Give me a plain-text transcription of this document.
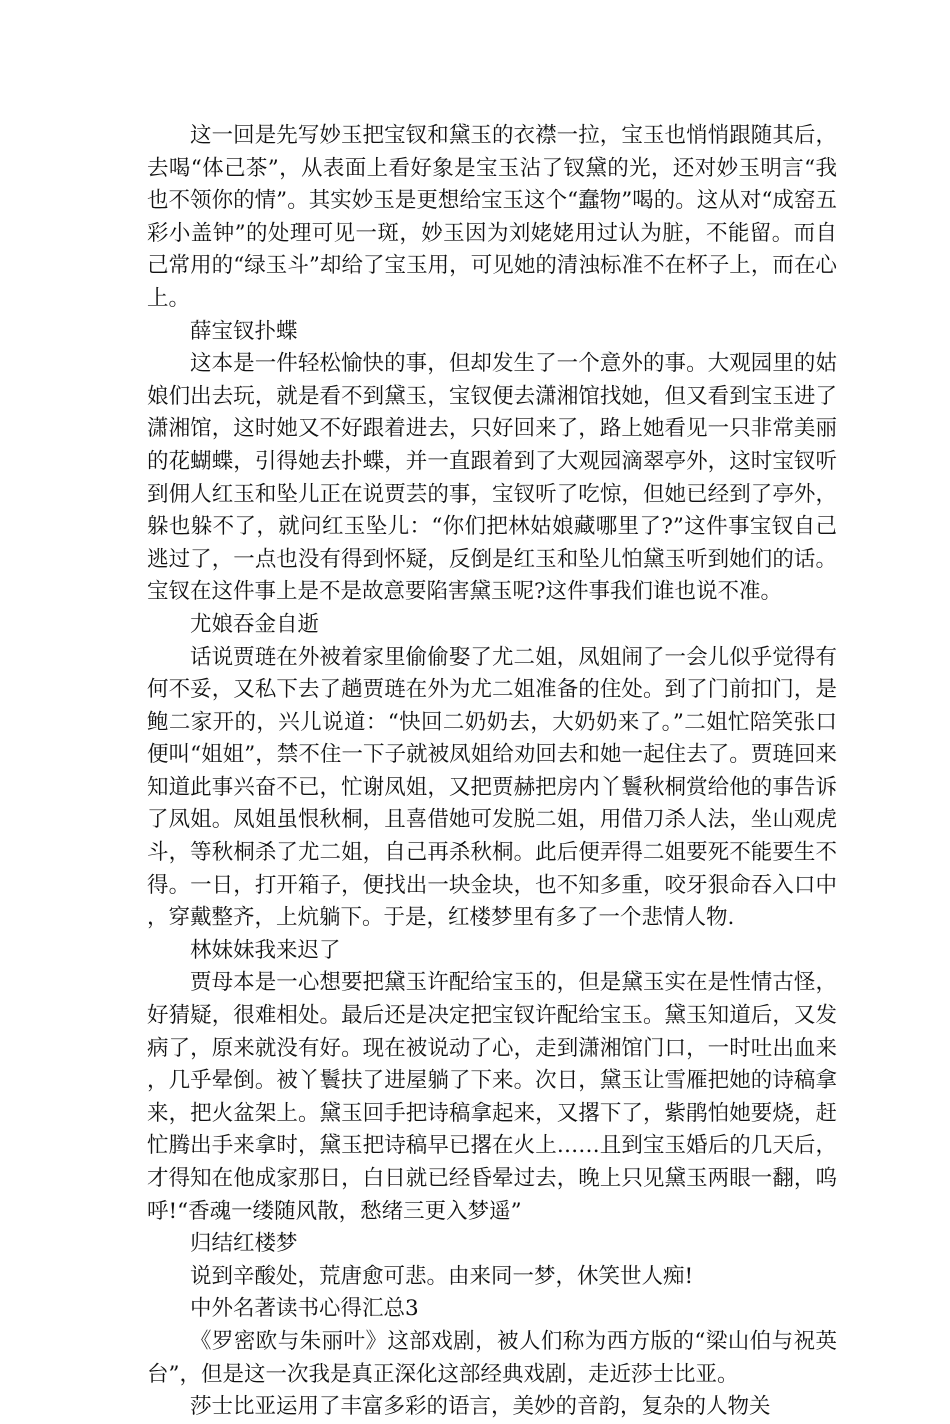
这一回是先写妙玉把宝钗和黛玉的衣襟一拉，宝玉也悄悄跟随其后，去喝“体己茶”，从表面上看好象是宝玉沾了钗黛的光，还对妙玉明言“我也不领你的情”。其实妙玉是更想给宝玉这个“蠢物”喝的。这从对“成窑五彩小盖钟”的处理可见一斑，妙玉因为刘姥姥用过认为脏，不能留。而自己常用的“绿玉斗”却给了宝玉用，可见她的清浊标准不在杯子上，而在心上。

薛宝钗扑蝶

这本是一件轻松愉快的事，但却发生了一个意外的事。大观园里的姑娘们出去玩，就是看不到黛玉，宝钗便去潇湘馆找她，但又看到宝玉进了潇湘馆，这时她又不好跟着进去，只好回来了，路上她看见一只非常美丽的花蝴蝶，引得她去扑蝶，并一直跟着到了大观园滴翠亭外，这时宝钗听到佣人红玉和坠儿正在说贾芸的事，宝钗听了吃惊，但她已经到了亭外，躲也躲不了，就问红玉坠儿：“你们把林姑娘藏哪里了?”这件事宝钗自己逃过了，一点也没有得到怀疑，反倒是红玉和坠儿怕黛玉听到她们的话。宝钗在这件事上是不是故意要陷害黛玉呢?这件事我们谁也说不准。

尤娘吞金自逝

话说贾琏在外被着家里偷偷娶了尤二姐，凤姐闹了一会儿似乎觉得有何不妥，又私下去了趟贾琏在外为尤二姐准备的住处。到了门前扣门，是鲍二家开的，兴儿说道：“快回二奶奶去，大奶奶来了。”二姐忙陪笑张口便叫“姐姐”，禁不住一下子就被凤姐给劝回去和她一起住去了。贾琏回来知道此事兴奋不已，忙谢凤姐，又把贾赫把房内丫鬟秋桐赏给他的事告诉了凤姐。凤姐虽恨秋桐，且喜借她可发脱二姐，用借刀杀人法，坐山观虎斗，等秋桐杀了尤二姐，自己再杀秋桐。此后便弄得二姐要死不能要生不得。一日，打开箱子，便找出一块金块，也不知多重，咬牙狠命吞入口中，穿戴整齐，上炕躺下。于是，红楼梦里有多了一个悲情人物.

林妹妹我来迟了

贾母本是一心想要把黛玉许配给宝玉的，但是黛玉实在是性情古怪，好猜疑，很难相处。最后还是决定把宝钗许配给宝玉。黛玉知道后，又发病了，原来就没有好。现在被说动了心，走到潇湘馆门口，一时吐出血来，几乎晕倒。被丫鬟扶了进屋躺了下来。次日，黛玉让雪雁把她的诗稿拿来，把火盆架上。黛玉回手把诗稿拿起来，又撂下了，紫鹃怕她要烧，赶忙腾出手来拿时，黛玉把诗稿早已撂在火上……且到宝玉婚后的几天后，才得知在他成家那日，白日就已经昏晕过去，晚上只见黛玉两眼一翻，呜呼!“香魂一缕随风散，愁绪三更入梦遥”

归结红楼梦

说到辛酸处，荒唐愈可悲。由来同一梦，休笑世人痴!

中外名著读书心得汇总3

《罗密欧与朱丽叶》这部戏剧，被人们称为西方版的“梁山伯与祝英台”，但是这一次我是真正深化这部经典戏剧，走近莎士比亚。

莎士比亚运用了丰富多彩的语言，美妙的音韵，复杂的人物关
